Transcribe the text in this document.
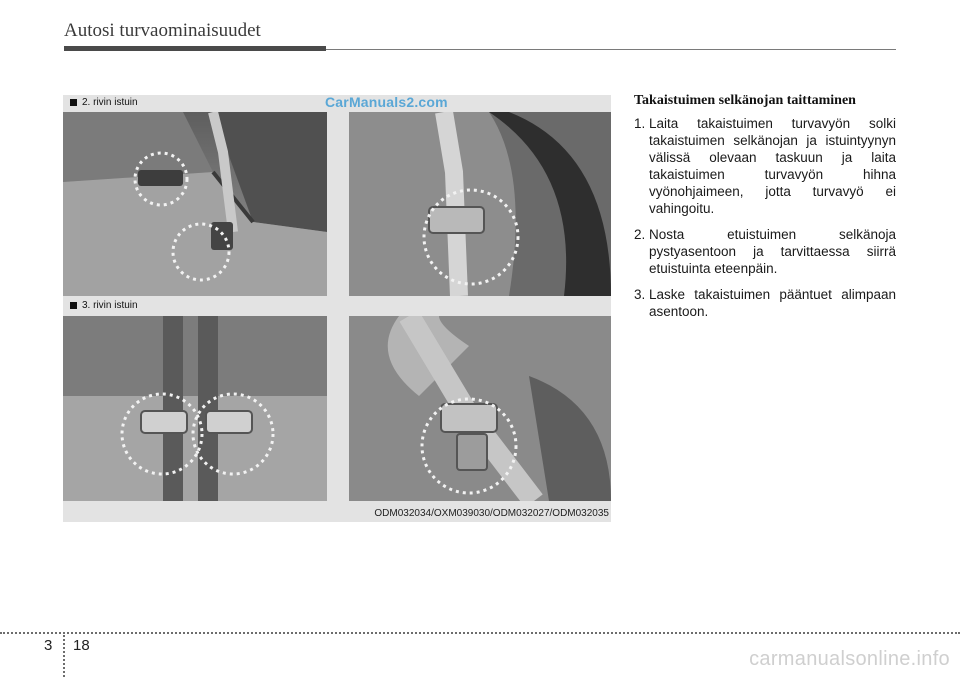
Autosi turvaominaisuudet
2. rivin istuin
3. rivin istuin
ODM032034/OXM039030/ODM032027/ODM032035
CarManuals2.com	Takaistuimen selkänojan taittaminen
1. Laita takaistuimen turvavyön solki takaistuimen selkänojan ja istuintyynyn välissä olevaan taskuun ja laita takaistuimen turvavyön hihna vyönohjaimeen, jotta turvavyö ei vahingoitu.
2. Nosta etuistuimen selkänoja pystyasentoon ja tarvittaessa siirrä etuistuinta eteenpäin.
3. Laske takaistuimen pääntuet alimpaan asentoon.
3 18
carmanualsonline.info
